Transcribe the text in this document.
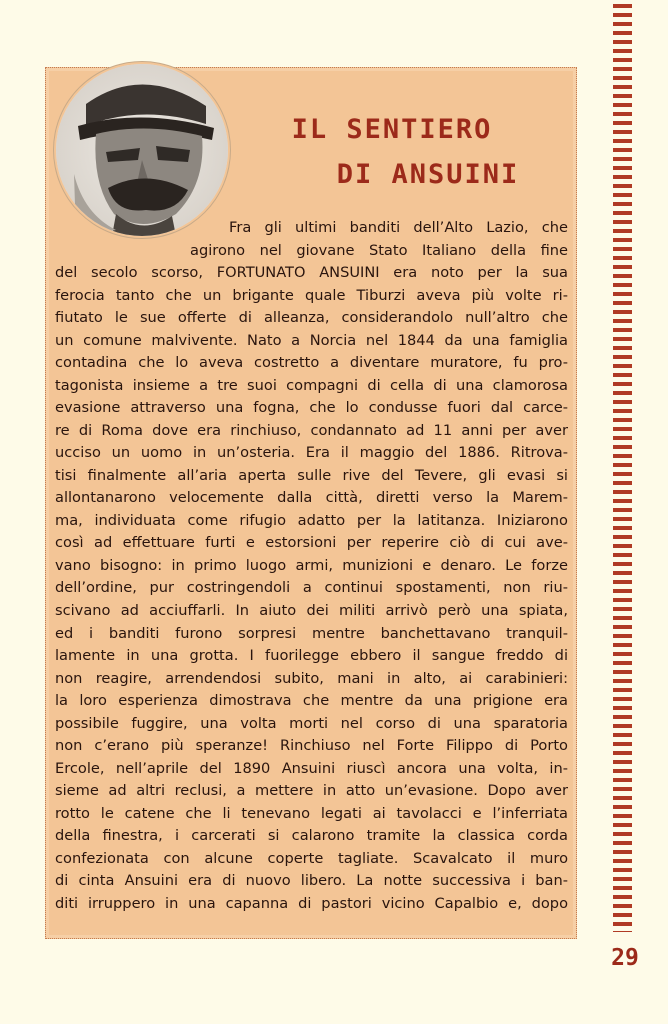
IL SENTIERO
DI ANSUINI
Fra gli ultimi banditi dell’Alto Lazio, che
agirono nel giovane Stato Italiano della fine
del secolo scorso, FORTUNATO ANSUINI era noto per la sua
ferocia tanto che un brigante quale Tiburzi aveva più volte ri-
fiutato le sue offerte di alleanza, considerandolo null’altro che
un comune malvivente. Nato a Norcia nel 1844 da una famiglia
contadina che lo aveva costretto a diventare muratore, fu pro-
tagonista insieme a tre suoi compagni di cella di una clamorosa
evasione attraverso una fogna, che lo condusse fuori dal carce-
re di Roma dove era rinchiuso, condannato ad 11 anni per aver
ucciso un uomo in un’osteria. Era il maggio del 1886. Ritrova-
tisi finalmente all’aria aperta sulle rive del Tevere, gli evasi si
allontanarono velocemente dalla città, diretti verso la Marem-
ma, individuata come rifugio adatto per la latitanza. Iniziarono
così ad effettuare furti e estorsioni per reperire ciò di cui ave-
vano bisogno: in primo luogo armi, munizioni e denaro. Le forze
dell’ordine, pur costringendoli a continui spostamenti, non riu-
scivano ad acciuffarli. In aiuto dei militi arrivò però una spiata,
ed i banditi furono sorpresi mentre banchettavano tranquil-
lamente in una grotta. I fuorilegge ebbero il sangue freddo di
non reagire, arrendendosi subito, mani in alto, ai carabinieri:
la loro esperienza dimostrava che mentre da una prigione era
possibile fuggire, una volta morti nel corso di una sparatoria
non c’erano più speranze! Rinchiuso nel Forte Filippo di Porto
Ercole, nell’aprile del 1890 Ansuini riuscì ancora una volta, in-
sieme ad altri reclusi, a mettere in atto un’evasione. Dopo aver
rotto le catene che li tenevano legati ai tavolacci e l’inferriata
della finestra, i carcerati si calarono tramite la classica corda
confezionata con alcune coperte tagliate. Scavalcato il muro
di cinta Ansuini era di nuovo libero. La notte successiva i ban-
diti irruppero in una capanna di pastori vicino Capalbio e, dopo

29
